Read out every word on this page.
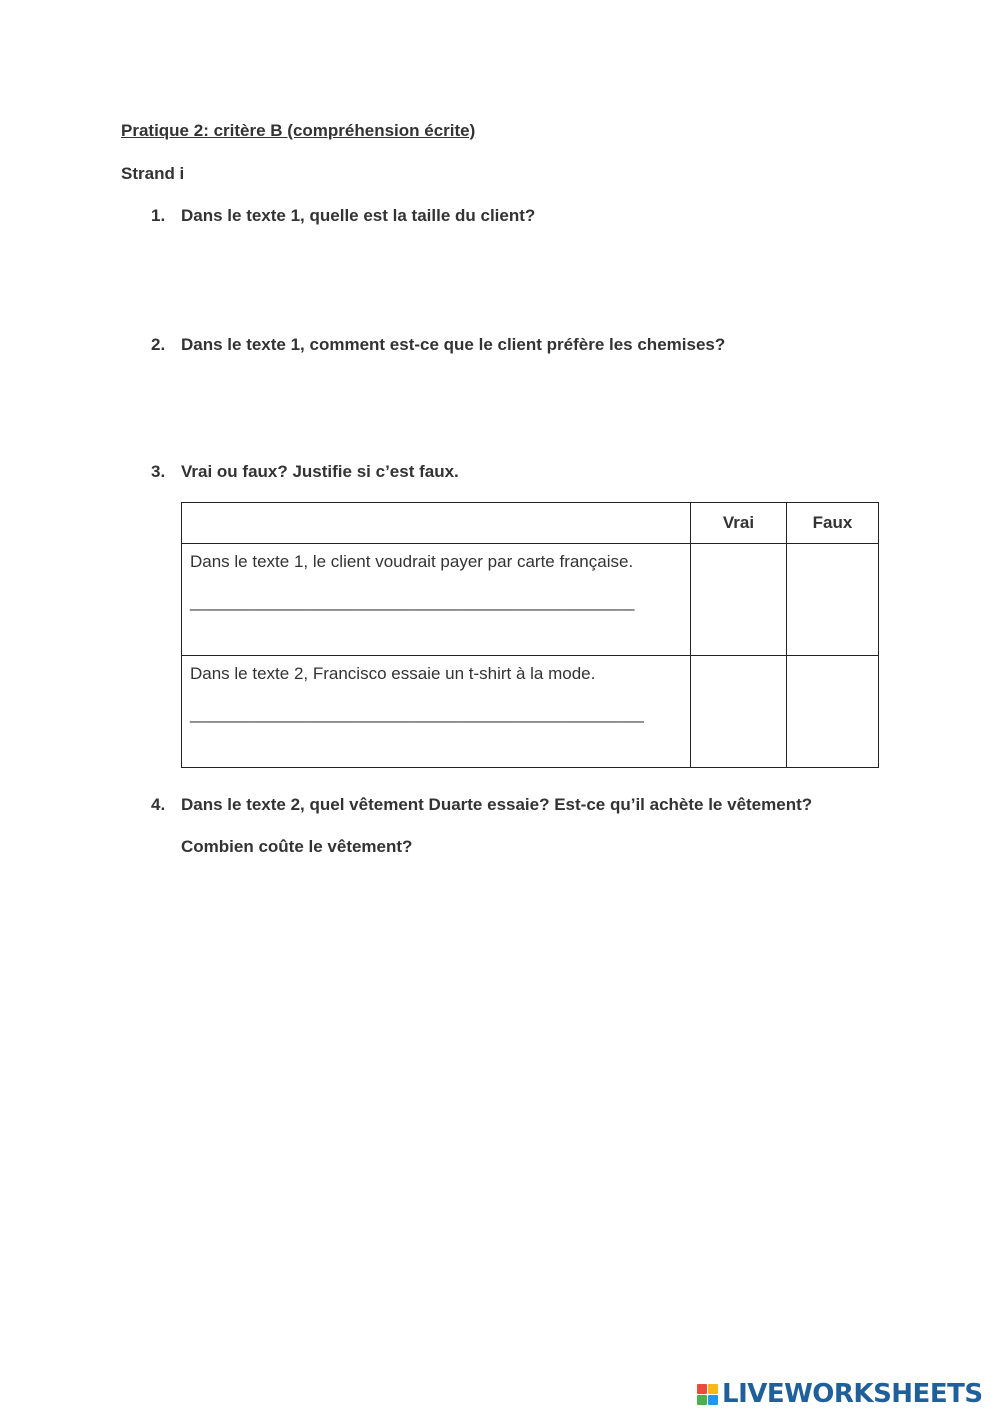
Pratique 2: critère B (compréhension écrite)
Strand i
1. Dans le texte 1, quelle est la taille du client?
2. Dans le texte 1, comment est-ce que le client préfère les chemises?
3. Vrai ou faux? Justifie si c’est faux.
	Vrai	Faux
Dans le texte 1, le client voudrait payer par carte française.
_______________________________________________		

Dans le texte 2, Francisco essaie un t-shirt à la mode.
________________________________________________		

4. Dans le texte 2, quel vêtement Duarte essaie? Est-ce qu’il achète le vêtement?
Combien coûte le vêtement?
LIVEWORKSHEETS
